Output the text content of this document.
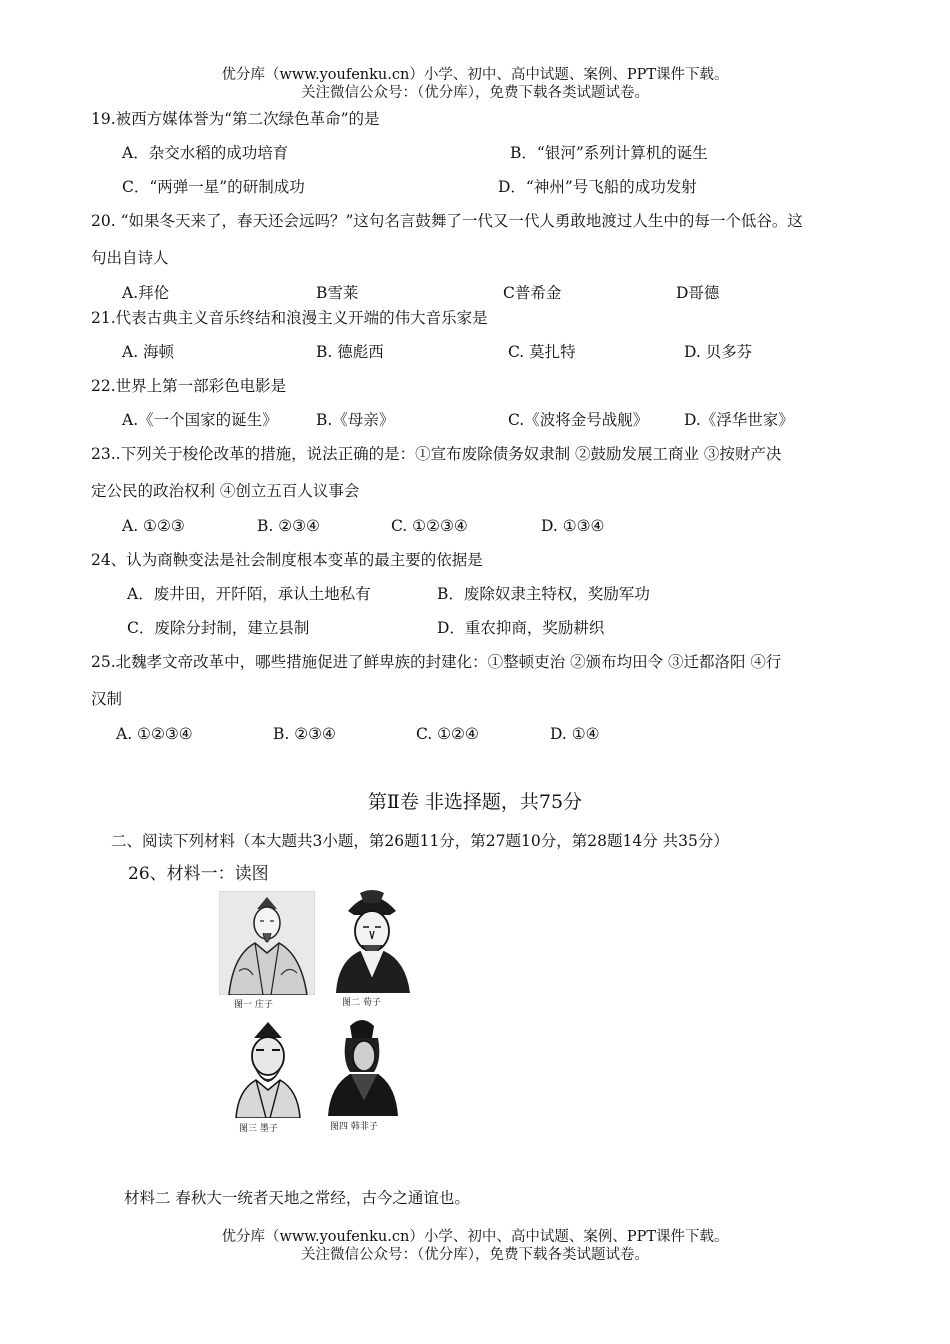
优分库（www.youfenku.cn）小学、初中、高中试题、案例、PPT课件下载。
关注微信公众号：（优分库），免费下载各类试题试卷。
19.被西方媒体誉为“第二次绿色革命”的是
A．杂交水稻的成功培育	B．“银河”系列计算机的诞生
C．“两弹一星”的研制成功	D．“神州”号飞船的成功发射
20. “如果冬天来了，春天还会远吗？”这句名言鼓舞了一代又一代人勇敢地渡过人生中的每一个低谷。这
句出自诗人
A.拜伦	B雪莱	C普希金	D哥德
21.代表古典主义音乐终结和浪漫主义开端的伟大音乐家是
A. 海顿	B. 德彪西	C. 莫扎特	D. 贝多芬
22.世界上第一部彩色电影是
A.《一个国家的诞生》 B.《母亲》	C.《波将金号战舰》 D.《浮华世家》
23..下列关于梭伦改革的措施，说法正确的是：①宣布废除债务奴隶制 ②鼓励发展工商业 ③按财产决
定公民的政治权利 ④创立五百人议事会
A. ①②③	B. ②③④	C. ①②③④	D. ①③④
24、认为商鞅变法是社会制度根本变革的最主要的依据是
A．废井田，开阡陌，承认土地私有	B．废除奴隶主特权，奖励军功
C．废除分封制，建立县制	D．重农抑商，奖励耕织
25.北魏孝文帝改革中，哪些措施促进了鲜卑族的封建化：①整顿吏治 ②颁布均田令 ③迁都洛阳 ④行
汉制
A. ①②③④	B. ②③④	C. ①②④	D. ①④
第Ⅱ卷 非选择题，共75分
二、阅读下列材料（本大题共3小题，第26题11分，第27题10分，第28题14分 共35分）
26、材料一：读图
图一 庄子	图二 荀子
图三 墨子	图四 韩非子
材料二 春秋大一统者天地之常经，古今之通谊也。
优分库（www.youfenku.cn）小学、初中、高中试题、案例、PPT课件下载。
关注微信公众号：（优分库），免费下载各类试题试卷。
